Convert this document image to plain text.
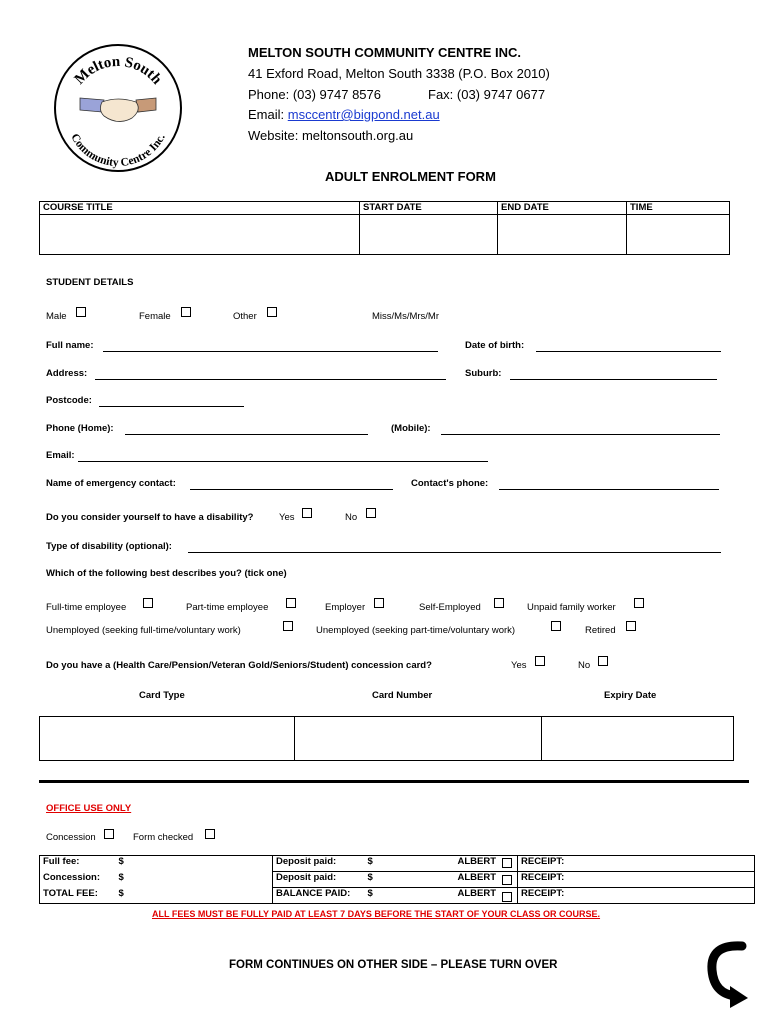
Melton South
Community Centre Inc.
MELTON SOUTH COMMUNITY CENTRE INC.
41 Exford Road, Melton South 3338 (P.O. Box 2010)
Phone: (03) 9747 8576	Fax: (03) 9747 0677
Email: msccentr@bigpond.net.au
Website: meltonsouth.org.au
ADULT ENROLMENT FORM
COURSE TITLE	START DATE	END DATE	TIME

STUDENT DETAILS
Male	Female	Other	Miss/Ms/Mrs/Mr
Full name:	Date of birth:
Address:	Suburb:
Postcode:
Phone (Home):	(Mobile):
Email:
Name of emergency contact:	Contact's phone:
Do you consider yourself to have a disability?	Yes	No
Type of disability (optional):
Which of the following best describes you? (tick one)
Full-time employee	Part-time employee	Employer	Self-Employed	Unpaid family worker
Unemployed (seeking full-time/voluntary work)	Unemployed (seeking part-time/voluntary work)	Retired
Do you have a (Health Care/Pension/Veteran Gold/Seniors/Student) concession card?	Yes	No
Card Type	Card Number	Expiry Date

OFFICE USE ONLY
Concession	Form checked
Full fee: $	Deposit paid: $ ALBERT	RECEIPT:
Concession: $	Deposit paid: $ ALBERT	RECEIPT:
TOTAL FEE: $	BALANCE PAID: $ ALBERT	RECEIPT:
ALL FEES MUST BE FULLY PAID AT LEAST 7 DAYS BEFORE THE START OF YOUR CLASS OR COURSE.
FORM CONTINUES ON OTHER SIDE – PLEASE TURN OVER
